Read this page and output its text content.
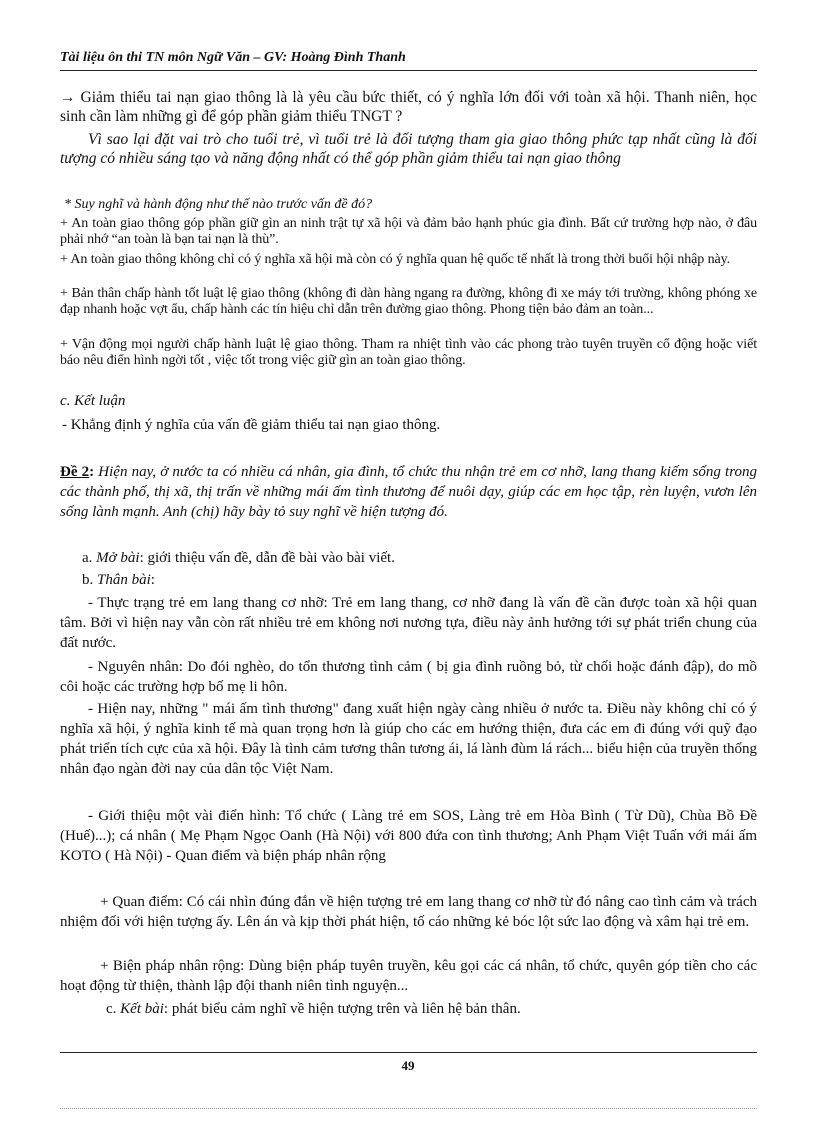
Tài liệu ôn thi TN môn Ngữ Văn – GV: Hoàng Đình Thanh

→ Giảm thiểu tai nạn giao thông là là yêu cầu bức thiết, có ý nghĩa lớn đối với toàn xã hội. Thanh niên, học sinh cần làm những gì để góp phần giảm thiểu TNGT ?

Vì sao lại đặt vai trò cho tuổi trẻ, vì tuổi trẻ là đối tượng tham gia giao thông phức tạp nhất cũng là đối tượng có nhiều sáng tạo và năng động nhất có thể góp phần giảm thiểu tai nạn giao thông

* Suy nghĩ và hành động như thế nào trước vấn đề đó?

+ An toàn giao thông góp phần giữ gìn an ninh trật tự xã hội và đảm bảo hạnh phúc gia đình. Bất cứ trường hợp nào, ở đâu phải nhớ “an toàn là bạn tai nạn là thù”.

+ An toàn giao thông không chỉ có ý nghĩa xã hội mà còn có ý nghĩa quan hệ quốc tế nhất là trong thời buổi hội nhập này.

+ Bản thân chấp hành tốt luật lệ giao thông (không đi dàn hàng ngang ra đường, không đi xe máy tới trường, không phóng xe đạp nhanh hoặc vợt ẩu, chấp hành các tín hiệu chỉ dẫn trên đường giao thông. Phong tiện bảo đảm an toàn...

+ Vận động mọi người chấp hành luật lệ giao thông. Tham ra nhiệt tình vào các phong trào tuyên truyền cổ động hoặc viết báo nêu điển hình ngời tốt , việc tốt trong việc giữ gìn an toàn giao thông.

c. Kết luận

- Khẳng định ý nghĩa của vấn đề giảm thiểu tai nạn giao thông.

Đề 2: Hiện nay, ở nước ta có nhiều cá nhân, gia đình, tổ chức thu nhận trẻ em cơ nhỡ, lang thang kiếm sống trong các thành phố, thị xã, thị trấn về những mái ấm tình thương để nuôi dạy, giúp các em học tập, rèn luyện, vươn lên sống lành mạnh. Anh (chị) hãy bày tỏ suy nghĩ về hiện tượng đó.

a. Mở bài: giới thiệu vấn đề, dẫn đề bài vào bài viết.

b. Thân bài:

- Thực trạng trẻ em lang thang cơ nhỡ: Trẻ em lang thang, cơ nhỡ đang là vấn đề cần được toàn xã hội quan tâm. Bởi vì hiện nay vẫn còn rất nhiều trẻ em không nơi nương tựa, điều này ảnh hưởng tới sự phát triển chung của đất nước.

- Nguyên nhân: Do đói nghèo, do tổn thương tình cảm ( bị gia đình ruồng bỏ, từ chối hoặc đánh đập), do mồ côi hoặc các trường hợp bố mẹ li hôn.

- Hiện nay, những " mái ấm tình thương" đang xuất hiện ngày càng nhiều ở nước ta. Điều này không chỉ có ý nghĩa xã hội, ý nghĩa kinh tế mà quan trọng hơn là giúp cho các em hướng thiện, đưa các em đi đúng với quỹ đạo phát triển tích cực của xã hội. Đây là tình cảm tương thân tương ái, lá lành đùm lá rách... biểu hiện của truyền thống nhân đạo ngàn đời nay của dân tộc Việt Nam.

- Giới thiệu một vài điển hình: Tổ chức ( Làng trẻ em SOS, Làng trẻ em Hòa Bình ( Từ Dũ), Chùa Bồ Đề (Huế)...); cá nhân ( Mẹ Phạm Ngọc Oanh (Hà Nội) với 800 đứa con tình thương; Anh Phạm Việt Tuấn với mái ấm KOTO ( Hà Nội) - Quan điểm và biện pháp nhân rộng

+ Quan điểm: Có cái nhìn đúng đắn về hiện tượng trẻ em lang thang cơ nhỡ từ đó nâng cao tình cảm và trách nhiệm đối với hiện tượng ấy. Lên án và kịp thời phát hiện, tố cáo những kẻ bóc lột sức lao động và xâm hại trẻ em.

+ Biện pháp nhân rộng: Dùng biện pháp tuyên truyền, kêu gọi các cá nhân, tổ chức, quyên góp tiền cho các hoạt động từ thiện, thành lập đội thanh niên tình nguyện...

c. Kết bài: phát biểu cảm nghĩ về hiện tượng trên và liên hệ bản thân.

49
